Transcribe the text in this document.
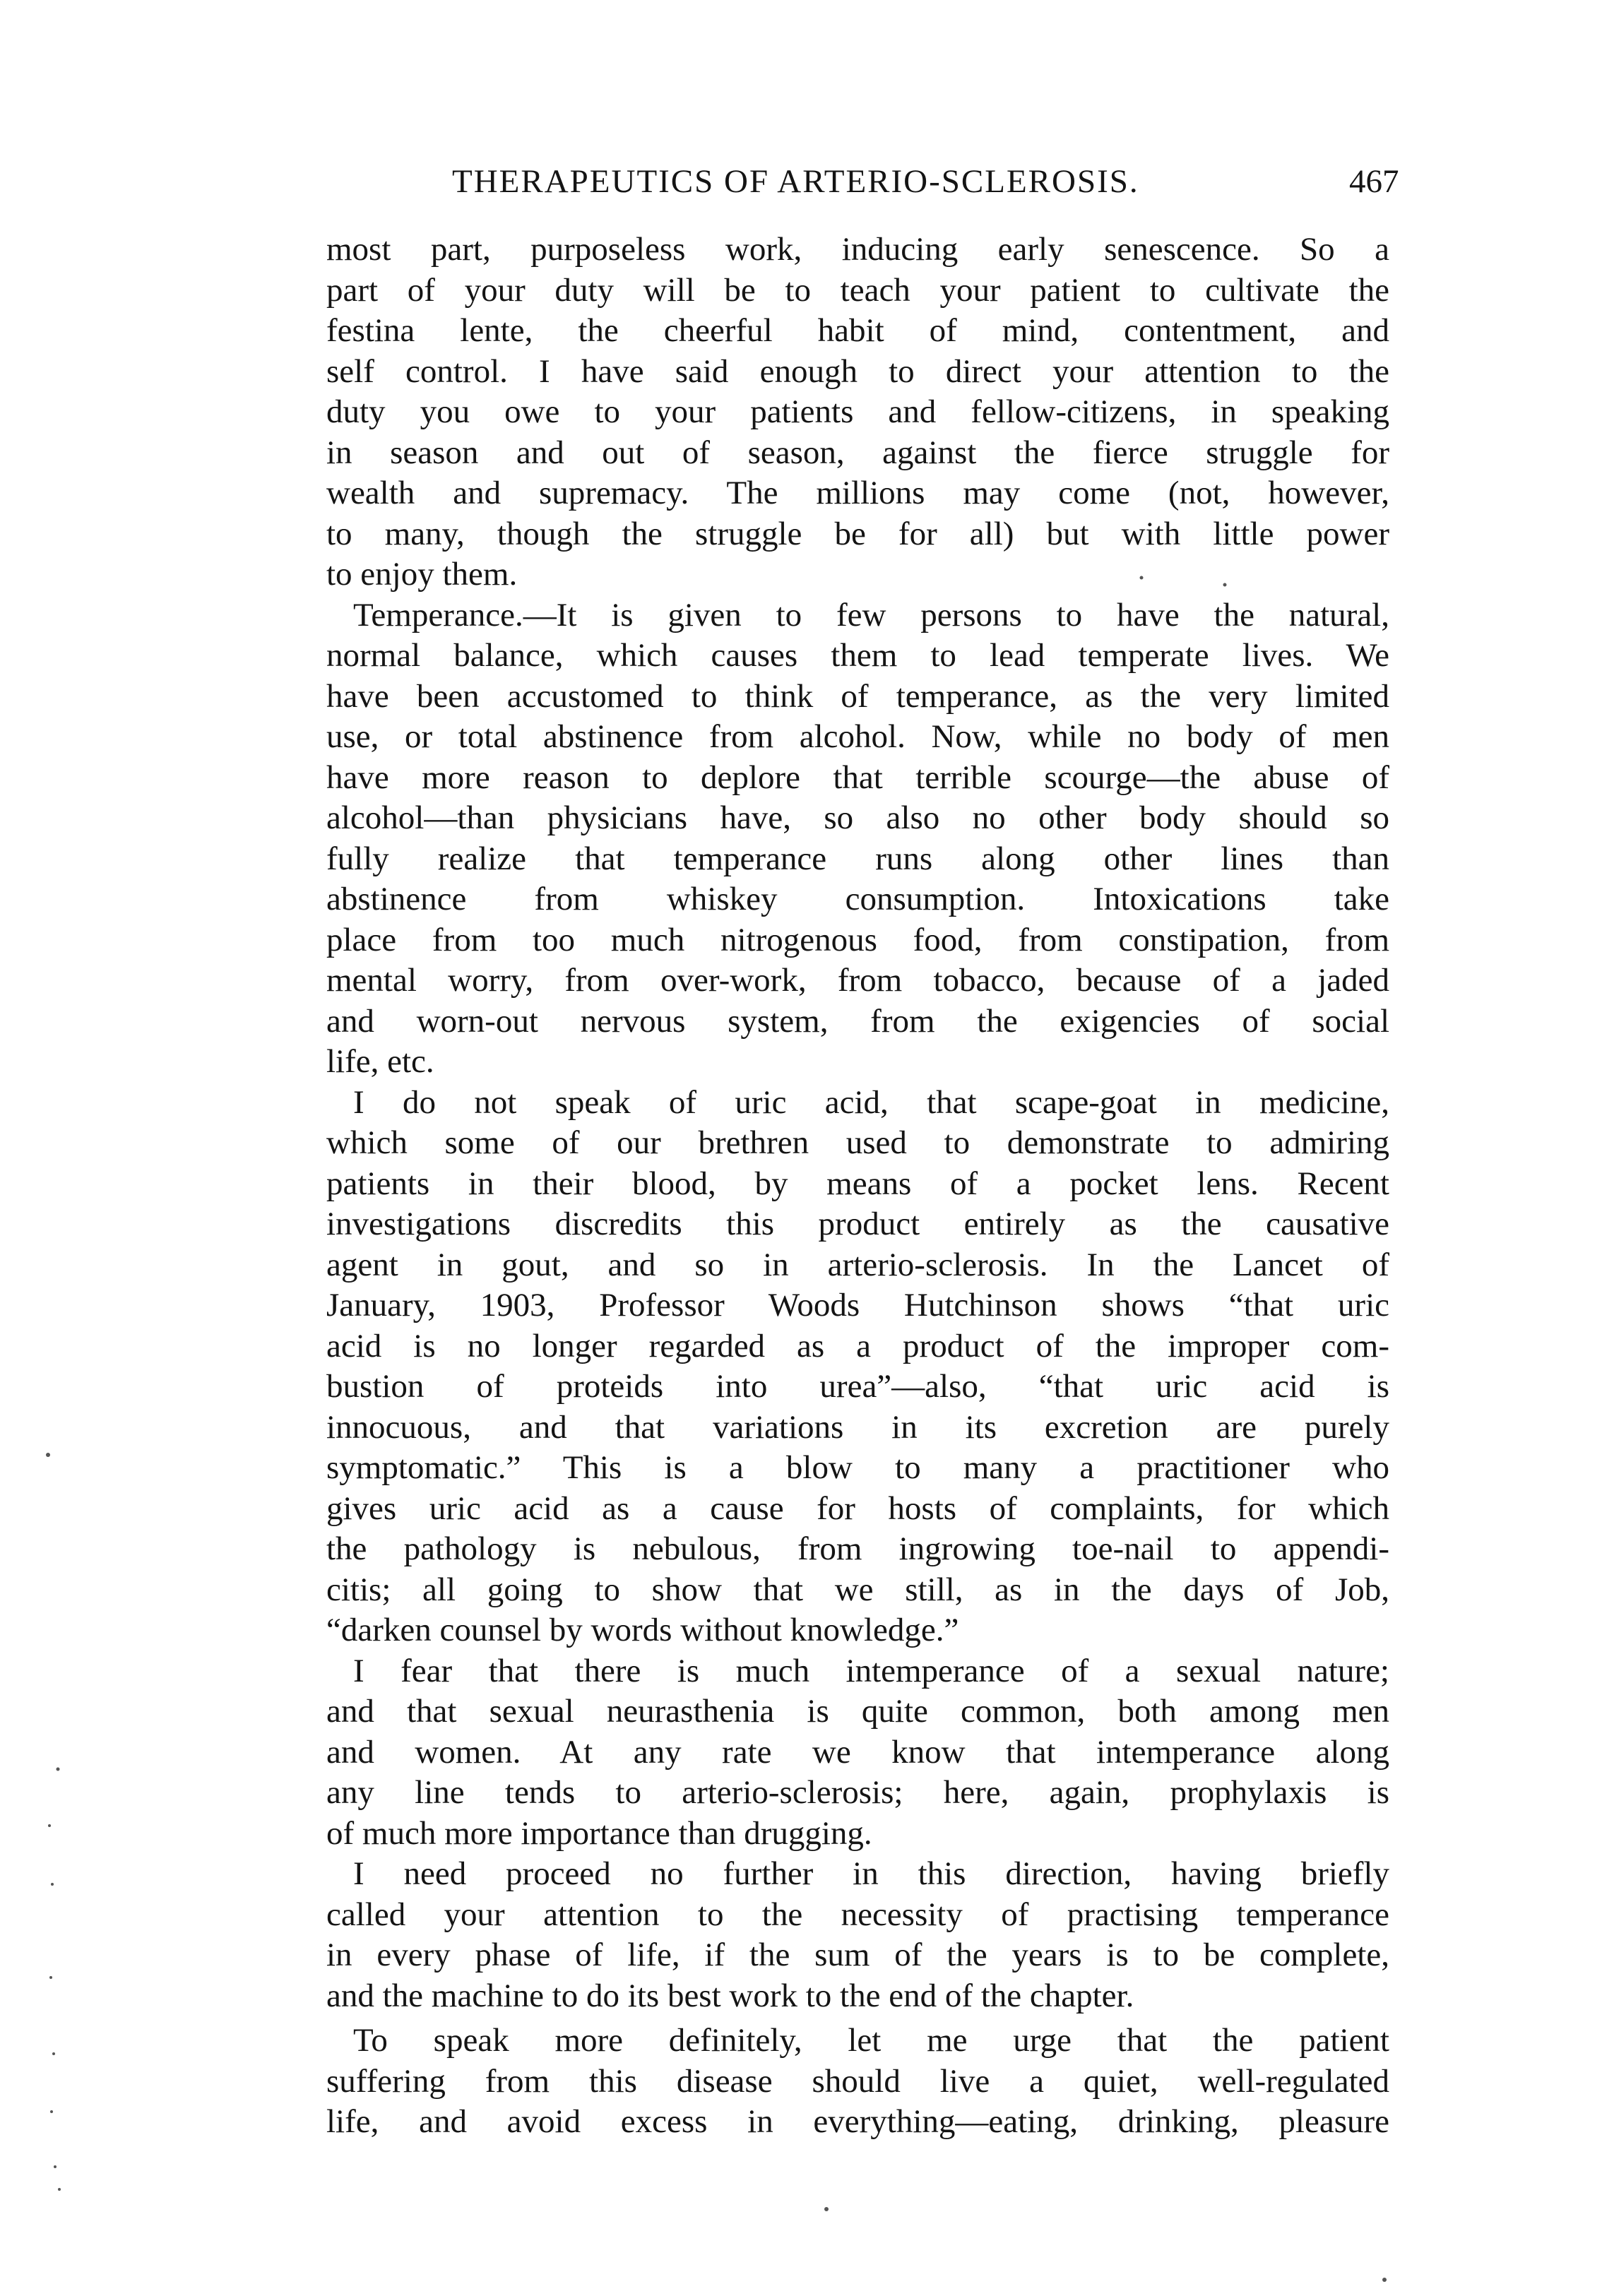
THERAPEUTICS OF ARTERIO-SCLEROSIS.	467
most part, purposeless work, inducing early senescence. So a
part of your duty will be to teach your patient to cultivate the
festina lente, the cheerful habit of mind, contentment, and
self control. I have said enough to direct your attention to the
duty you owe to your patients and fellow-citizens, in speaking
in season and out of season, against the fierce struggle for
wealth and supremacy. The millions may come (not, however,
to many, though the struggle be for all) but with little power
to enjoy them.
Temperance.—It is given to few persons to have the natural,
normal balance, which causes them to lead temperate lives. We
have been accustomed to think of temperance, as the very limited
use, or total abstinence from alcohol. Now, while no body of men
have more reason to deplore that terrible scourge—the abuse of
alcohol—than physicians have, so also no other body should so
fully realize that temperance runs along other lines than
abstinence from whiskey consumption. Intoxications take
place from too much nitrogenous food, from constipation, from
mental worry, from over-work, from tobacco, because of a jaded
and worn-out nervous system, from the exigencies of social
life, etc.
I do not speak of uric acid, that scape-goat in medicine,
which some of our brethren used to demonstrate to admiring
patients in their blood, by means of a pocket lens. Recent
investigations discredits this product entirely as the causative
agent in gout, and so in arterio-sclerosis. In the Lancet of
January, 1903, Professor Woods Hutchinson shows “that uric
acid is no longer regarded as a product of the improper com-
bustion of proteids into urea”—also, “that uric acid is
innocuous, and that variations in its excretion are purely
symptomatic.” This is a blow to many a practitioner who
gives uric acid as a cause for hosts of complaints, for which
the pathology is nebulous, from ingrowing toe-nail to appendi-
citis; all going to show that we still, as in the days of Job,
“darken counsel by words without knowledge.”
I fear that there is much intemperance of a sexual nature;
and that sexual neurasthenia is quite common, both among men
and women. At any rate we know that intemperance along
any line tends to arterio-sclerosis; here, again, prophylaxis is
of much more importance than drugging.
I need proceed no further in this direction, having briefly
called your attention to the necessity of practising temperance
in every phase of life, if the sum of the years is to be complete,
and the machine to do its best work to the end of the chapter.
To speak more definitely, let me urge that the patient
suffering from this disease should live a quiet, well-regulated
life, and avoid excess in everything—eating, drinking, pleasure
